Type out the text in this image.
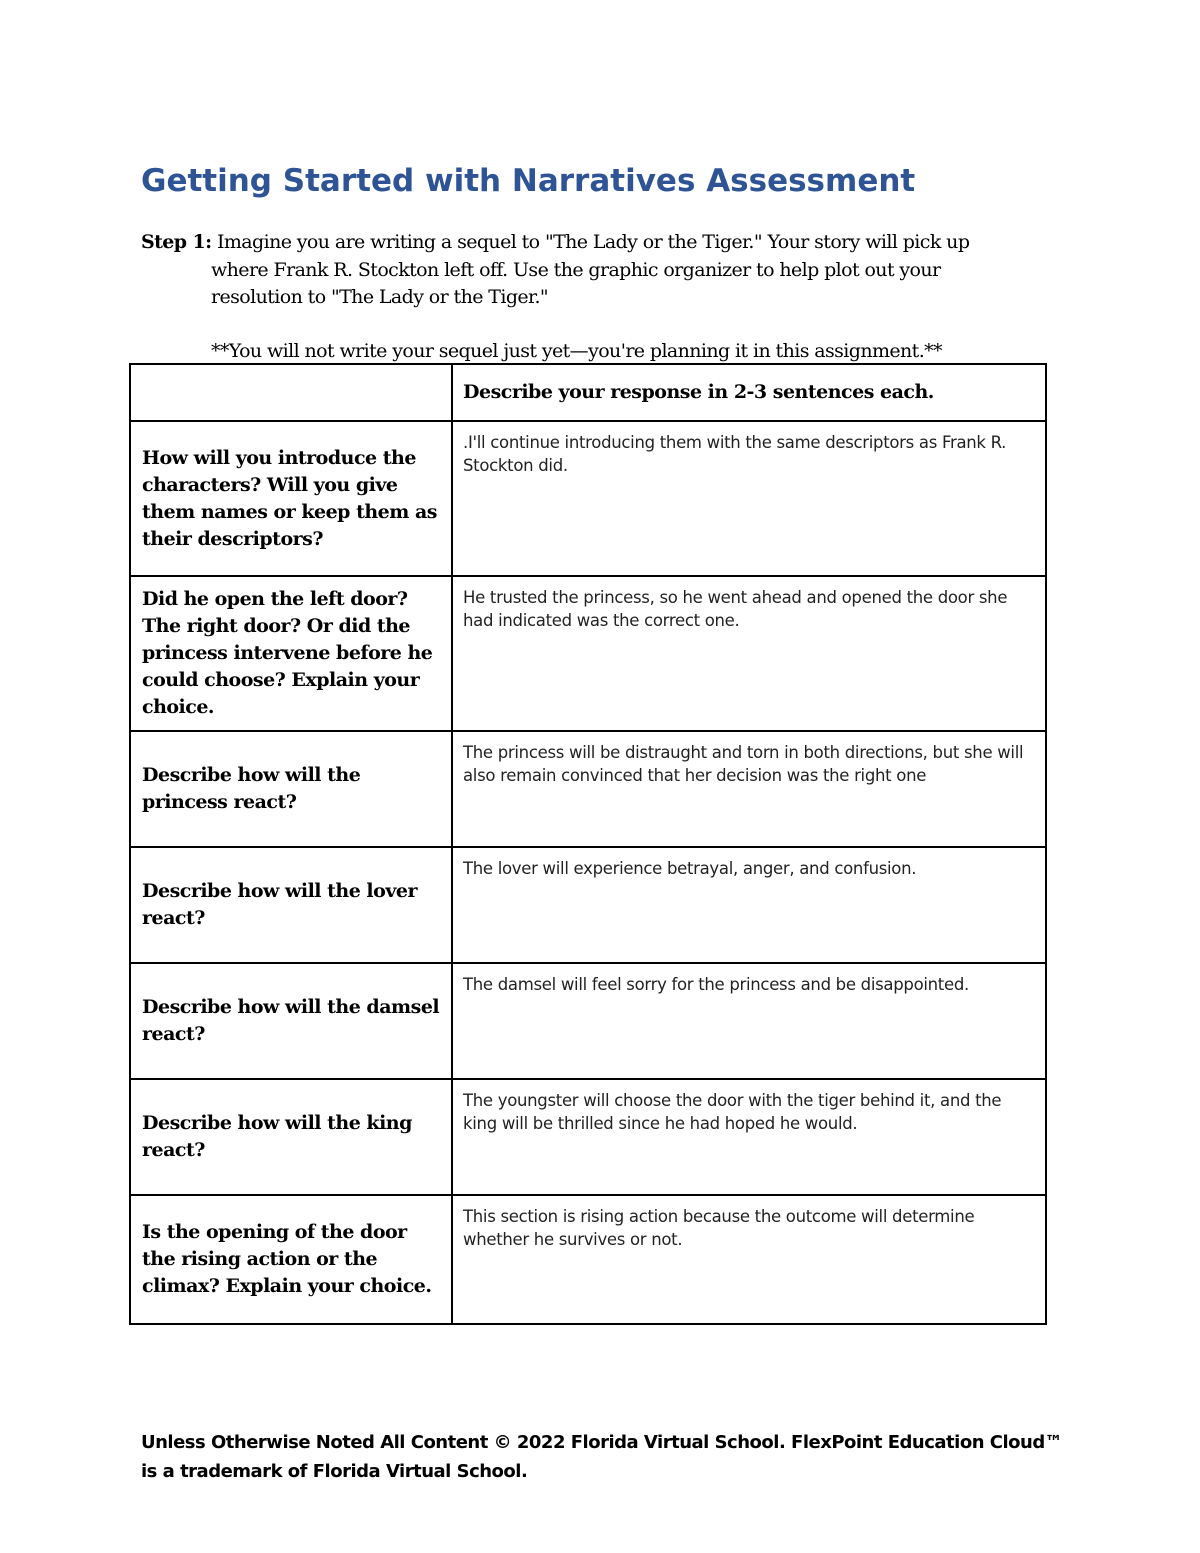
Getting Started with Narratives Assessment

Step 1: Imagine you are writing a sequel to "The Lady or the Tiger." Your story will pick up where Frank R. Stockton left off. Use the graphic organizer to help plot out your resolution to "The Lady or the Tiger."

**You will not write your sequel just yet—you're planning it in this assignment.**

	Describe your response in 2-3 sentences each.
How will you introduce the characters? Will you give them names or keep them as their descriptors?	.I'll continue introducing them with the same descriptors as Frank R. Stockton did.
Did he open the left door? The right door? Or did the princess intervene before he could choose? Explain your choice.	He trusted the princess, so he went ahead and opened the door she had indicated was the correct one.
Describe how will the princess react?	The princess will be distraught and torn in both directions, but she will also remain convinced that her decision was the right one
Describe how will the lover react?	The lover will experience betrayal, anger, and confusion.
Describe how will the damsel react?	The damsel will feel sorry for the princess and be disappointed.
Describe how will the king react?	The youngster will choose the door with the tiger behind it, and the king will be thrilled since he had hoped he would.
Is the opening of the door the rising action or the climax? Explain your choice.	This section is rising action because the outcome will determine whether he survives or not.
Unless Otherwise Noted All Content © 2022 Florida Virtual School. FlexPoint Education Cloud™ is a trademark of Florida Virtual School.
